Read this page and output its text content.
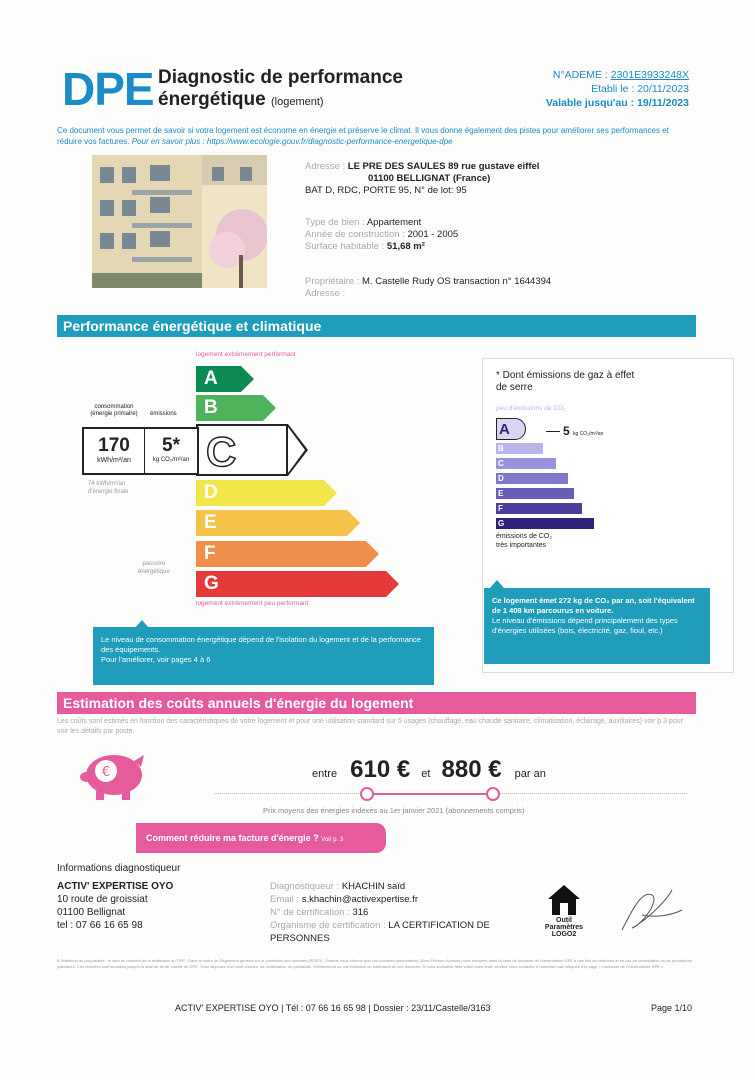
DPE Diagnostic de performance
énergétique (logement)
N°ADEME : 2301E3933248X
Etabli le : 20/11/2023
Valable jusqu'au : 19/11/2023
Ce document vous permet de savoir si votre logement est économe en énergie et préserve le climat. Il vous donne également des pistes pour améliorer ses performances et réduire vos factures. Pour en savoir plus : https://www.ecologie.gouv.fr/diagnostic-performance-energetique-dpe
Adresse : LE PRE DES SAULES 89 rue gustave eiffel
01100 BELLIGNAT (France)
BAT D, RDC, PORTE 95, N° de lot: 95
Type de bien : Appartement
Année de construction : 2001 - 2005
Surface habitable : 51,68 m²
Propriétaire : M. Castelle Rudy OS transaction n° 1644394
Adresse :
Performance énergétique et climatique
logement extrêmement performant
A
B
C
D
E
F
G
logement extrêmement peu performant
consommation
(énergie primaire)	émissions
170
kWh/m²/an
5*
kg CO₂/m²/an
74 kWh/m²/an
d'énergie finale
passoire
énergétique
Le niveau de consommation énergétique dépend de l'isolation du logement et de la performance des équipements.
Pour l'améliorer, voir pages 4 à 6
* Dont émissions de gaz à effet de serre
peu d'émissions de CO₂
A
B
C
D
E
F
G
5 kg CO₂/m²/an
émissions de CO₂
très importantes
Ce logement émet 272 kg de CO₂ par an, soit l'équivalent de 1 408 km parcourus en voiture.
Le niveau d'émissions dépend principalement des types d'énergies utilisées (bois, électricité, gaz, fioul, etc.)
Estimation des coûts annuels d'énergie du logement
Les coûts sont estimés en fonction des caractéristiques de votre logement et pour une utilisation standard sur 5 usages (chauffage, eau chaude sanitaire, climatisation, éclairage, auxiliaires) voir p.3 pour voir les détails par poste.
€	entre 610 € et 880 € par an
Prix moyens des énergies indexés au 1er janvier 2021 (abonnements compris)
Comment réduire ma facture d'énergie ? Voir p. 3
Informations diagnostiqueur
ACTIV' EXPERTISE OYO
10 route de groissiat
01100 Bellignat
tel : 07 66 16 65 98
Diagnostiqueur : KHACHIN saïd
Email : s.khachin@activexpertise.fr
N° de certification : 316
Organisme de certification : LA CERTIFICATION DE PERSONNES
Outil
Paramètres
LOGO2
À l'attention du propriétaire : le bien au moment de la réalisation du DPE : Dans le cadre du Règlement général sur la protection des données (RGPD), l'Ademe vous informe que vos données personnelles (Nom-Prénom-Adresse) sont stockées dans la base de données de l'observatoire DPE à des fins de contrôles et en cas de contestation ou de procédures judiciaires. Ces données sont stockées jusqu'à la date de fin de validité du DPE. Vous disposez d'un droit d'accès, de rectification, de portabilité, d'effacement ou une limitation du traitement de ces données. Si vous souhaitez faire valoir votre droit, veuillez nous contacter à l'adresse mail indiquée à la page « Contacter de l'Observatoire DPE ».
ACTIV' EXPERTISE OYO | Tél : 07 66 16 65 98 | Dossier : 23/11/Castelle/3163	Page 1/10
